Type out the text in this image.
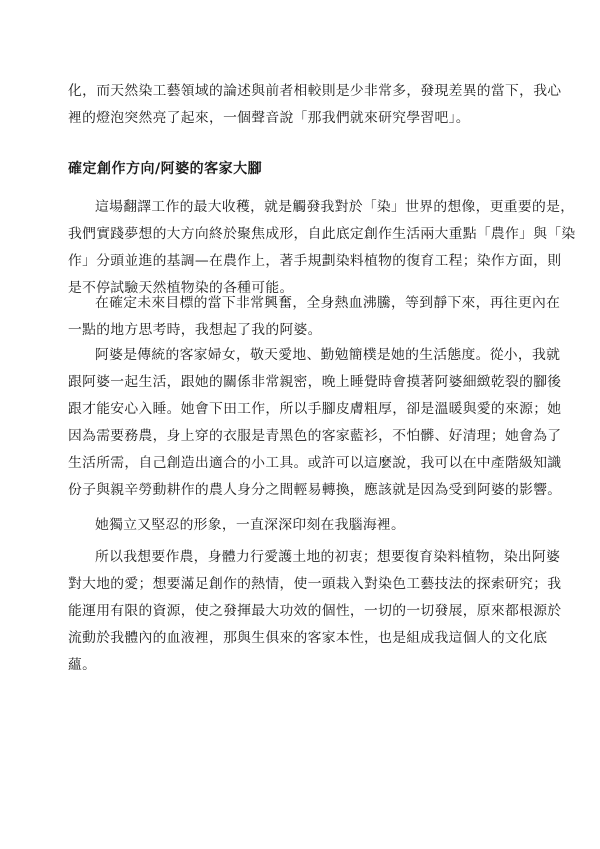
化，而天然染工藝領域的論述與前者相較則是少非常多，發現差異的當下，我心
裡的燈泡突然亮了起來，一個聲音說「那我們就來研究學習吧」。
確定創作方向/阿婆的客家大腳
這場翻譯工作的最大收穫，就是觸發我對於「染」世界的想像，更重要的是，
我們實踐夢想的大方向終於聚焦成形，自此底定創作生活兩大重點「農作」與「染
作」分頭並進的基調—在農作上，著手規劃染料植物的復育工程；染作方面，則
是不停試驗天然植物染的各種可能。
在確定未來目標的當下非常興奮，全身熱血沸騰，等到靜下來，再往更內在
一點的地方思考時，我想起了我的阿婆。
阿婆是傳統的客家婦女，敬天愛地、勤勉簡樸是她的生活態度。從小，我就
跟阿婆一起生活，跟她的關係非常親密，晚上睡覺時會摸著阿婆細緻乾裂的腳後
跟才能安心入睡。她會下田工作，所以手腳皮膚粗厚，卻是溫暖與愛的來源；她
因為需要務農，身上穿的衣服是青黑色的客家藍衫，不怕髒、好清理；她會為了
生活所需，自己創造出適合的小工具。或許可以這麼說，我可以在中產階級知識
份子與親辛勞動耕作的農人身分之間輕易轉換，應該就是因為受到阿婆的影響。
她獨立又堅忍的形象，一直深深印刻在我腦海裡。
所以我想要作農，身體力行愛護土地的初衷；想要復育染料植物，染出阿婆
對大地的愛；想要滿足創作的熱情，使一頭栽入對染色工藝技法的探索研究；我
能運用有限的資源，使之發揮最大功效的個性，一切的一切發展，原來都根源於
流動於我體內的血液裡，那與生俱來的客家本性，也是組成我這個人的文化底
蘊。
